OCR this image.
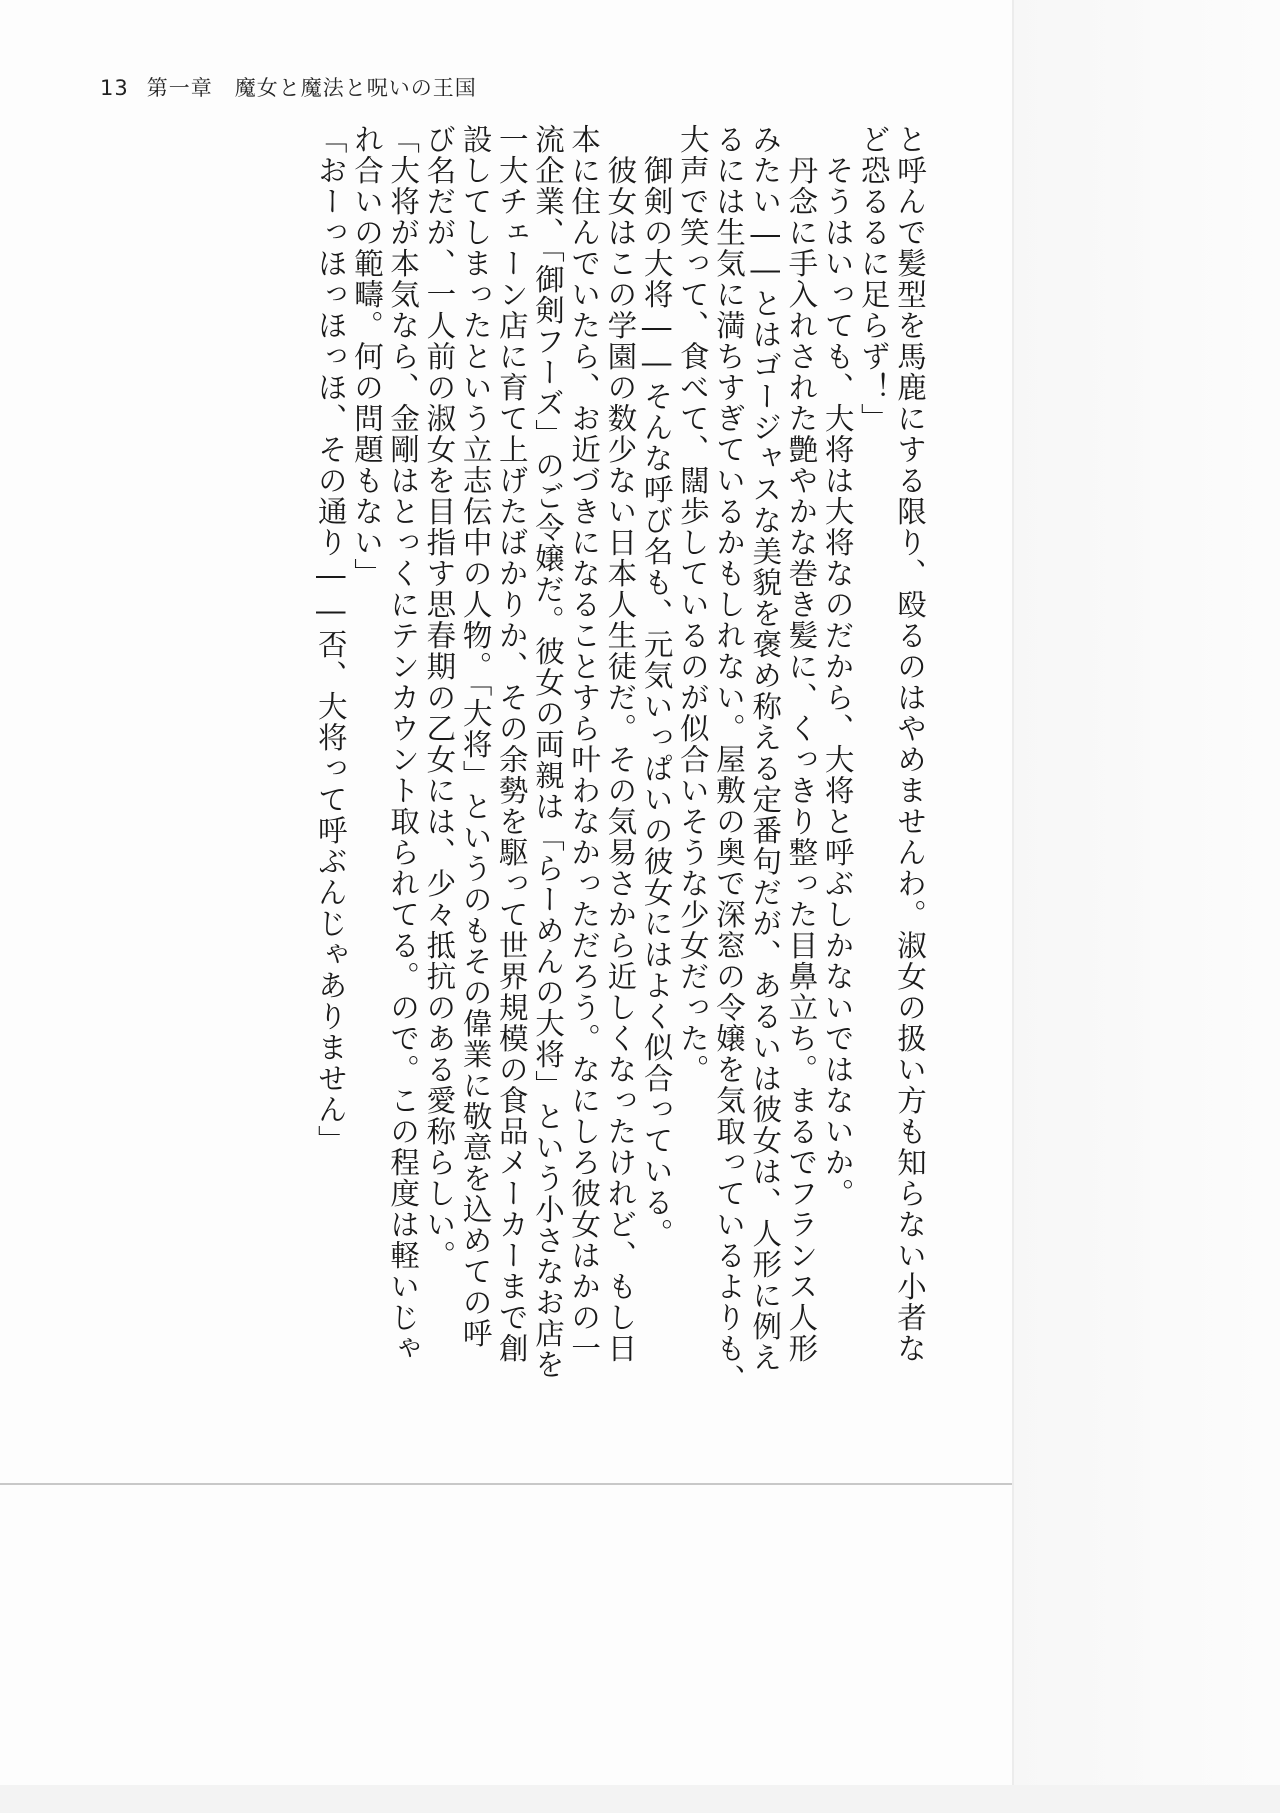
13 第一章 魔女と魔法と呪いの王国
と呼んで髪型を馬鹿にする限り、殴るのはやめませんわ。淑女の扱い方も知らない小者な
ど恐るるに足らず！」
　そうはいっても、大将は大将なのだから、大将と呼ぶしかないではないか。
　丹念に手入れされた艶やかな巻き髪に、くっきり整った目鼻立ち。まるでフランス人形
みたい――とはゴージャスな美貌を褒め称える定番句だが、あるいは彼女は、人形に例え
るには生気に満ちすぎているかもしれない。屋敷の奥で深窓の令嬢を気取っているよりも、
大声で笑って、食べて、闊歩しているのが似合いそうな少女だった。
　御剣の大将――そんな呼び名も、元気いっぱいの彼女にはよく似合っている。
　彼女はこの学園の数少ない日本人生徒だ。その気易さから近しくなったけれど、もし日
本に住んでいたら、お近づきになることすら叶わなかっただろう。なにしろ彼女はかの一
流企業、「御剣フーズ」のご令嬢だ。彼女の両親は「らーめんの大将」という小さなお店を
一大チェーン店に育て上げたばかりか、その余勢を駆って世界規模の食品メーカーまで創
設してしまったという立志伝中の人物。「大将」というのもその偉業に敬意を込めての呼
び名だが、一人前の淑女を目指す思春期の乙女には、少々抵抗のある愛称らしい。
「大将が本気なら、金剛はとっくにテンカウント取られてる。ので。この程度は軽いじゃ
れ合いの範疇。何の問題もない」
「おーっほっほっほ、その通り――否、大将って呼ぶんじゃありません」
